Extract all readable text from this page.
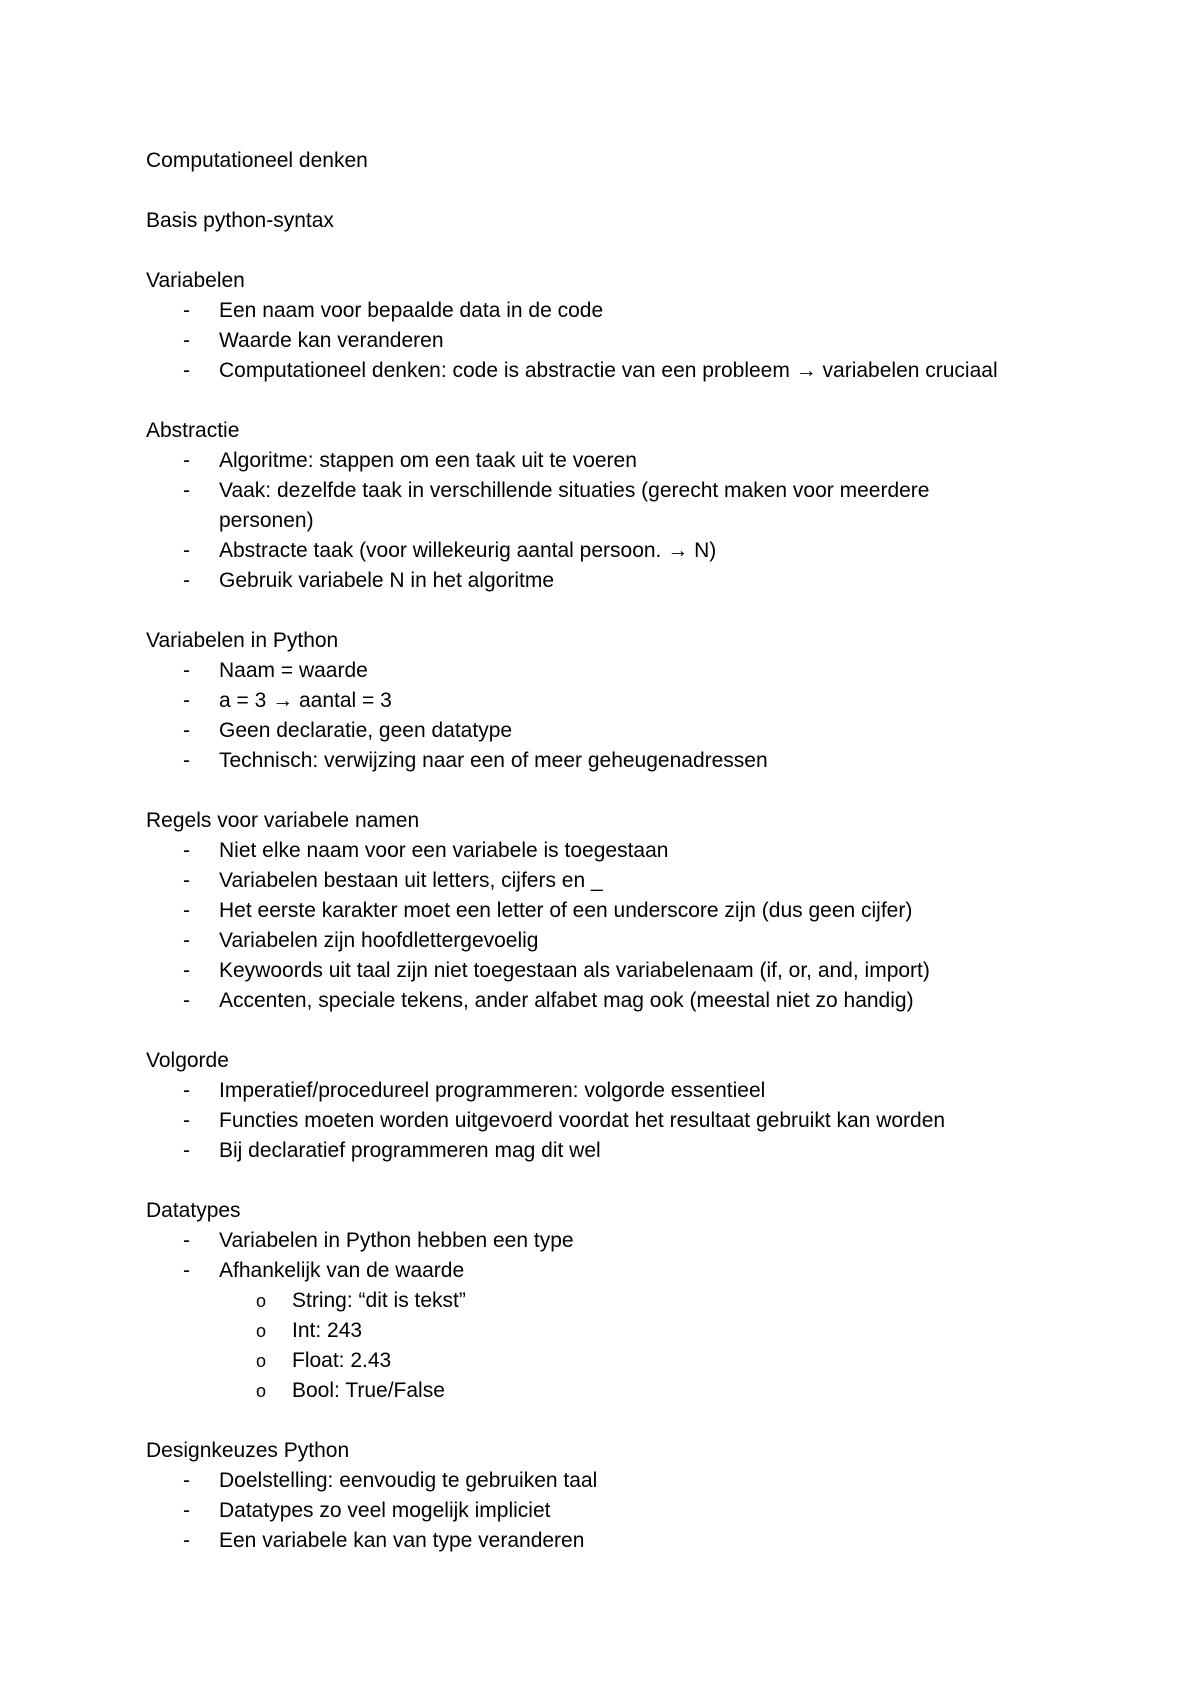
Computationeel denken
Basis python-syntax
Variabelen
- Een naam voor bepaalde data in de code
- Waarde kan veranderen
- Computationeel denken: code is abstractie van een probleem → variabelen cruciaal
Abstractie
- Algoritme: stappen om een taak uit te voeren
- Vaak: dezelfde taak in verschillende situaties (gerecht maken voor meerdere personen)
- Abstracte taak (voor willekeurig aantal persoon. → N)
- Gebruik variabele N in het algoritme
Variabelen in Python
- Naam = waarde
- a = 3 → aantal = 3
- Geen declaratie, geen datatype
- Technisch: verwijzing naar een of meer geheugenadressen
Regels voor variabele namen
- Niet elke naam voor een variabele is toegestaan
- Variabelen bestaan uit letters, cijfers en _
- Het eerste karakter moet een letter of een underscore zijn (dus geen cijfer)
- Variabelen zijn hoofdlettergevoelig
- Keywoords uit taal zijn niet toegestaan als variabelenaam (if, or, and, import)
- Accenten, speciale tekens, ander alfabet mag ook (meestal niet zo handig)
Volgorde
- Imperatief/procedureel programmeren: volgorde essentieel
- Functies moeten worden uitgevoerd voordat het resultaat gebruikt kan worden
- Bij declaratief programmeren mag dit wel
Datatypes
- Variabelen in Python hebben een type
- Afhankelijk van de waarde
o String: “dit is tekst”
o Int: 243
o Float: 2.43
o Bool: True/False
Designkeuzes Python
- Doelstelling: eenvoudig te gebruiken taal
- Datatypes zo veel mogelijk impliciet
- Een variabele kan van type veranderen
